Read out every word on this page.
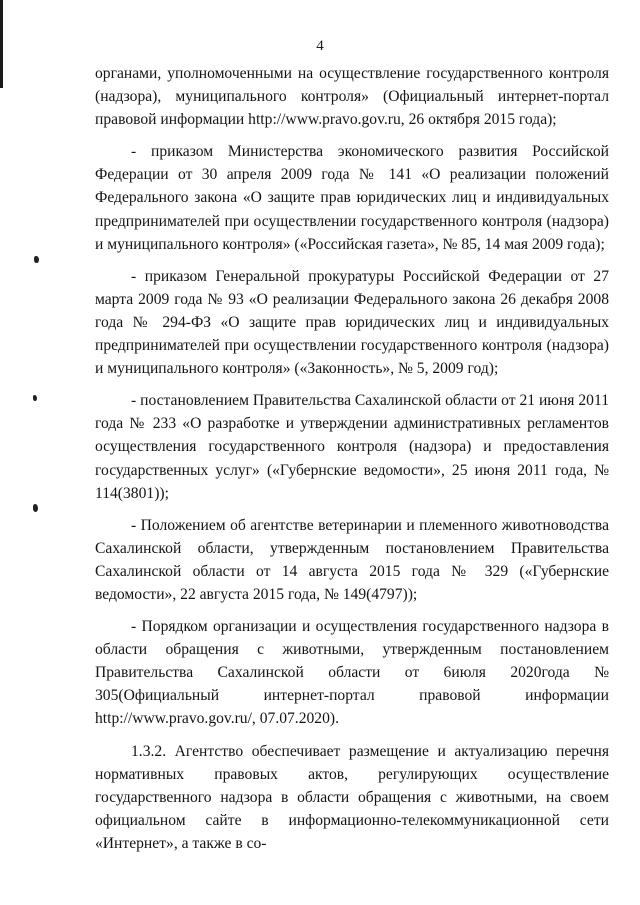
4

органами, уполномоченными на осуществление государственного контроля (надзора), муниципального контроля» (Официальный интернет-портал правовой информации http://www.pravo.gov.ru, 26 октября 2015 года);

- приказом Министерства экономического развития Российской Федерации от 30 апреля 2009 года № 141 «О реализации положений Федерального закона «О защите прав юридических лиц и индивидуальных предпринимателей при осуществлении государственного контроля (надзора) и муниципального контроля» («Российская газета», № 85, 14 мая 2009 года);

- приказом Генеральной прокуратуры Российской Федерации от 27 марта 2009 года № 93 «О реализации Федерального закона 26 декабря 2008 года № 294-ФЗ «О защите прав юридических лиц и индивидуальных предпринимателей при осуществлении государственного контроля (надзора) и муниципального контроля» («Законность», № 5, 2009 год);

- постановлением Правительства Сахалинской области от 21 июня 2011 года № 233 «О разработке и утверждении административных регламентов осуществления государственного контроля (надзора) и предоставления государственных услуг» («Губернские ведомости», 25 июня 2011 года, № 114(3801));

- Положением об агентстве ветеринарии и племенного животноводства Сахалинской области, утвержденным постановлением Правительства Сахалинской области от 14 августа 2015 года № 329 («Губернские ведомости», 22 августа 2015 года, № 149(4797));

- Порядком организации и осуществления государственного надзора в области обращения с животными, утвержденным постановлением Правительства Сахалинской области от 6июля 2020года № 305(Официальный интернет-портал правовой информации http://www.pravo.gov.ru/, 07.07.2020).

1.3.2. Агентство обеспечивает размещение и актуализацию перечня нормативных правовых актов, регулирующих осуществление государственного надзора в области обращения с животными, на своем официальном сайте в информационно-телекоммуникационной сети «Интернет», а также в со-
